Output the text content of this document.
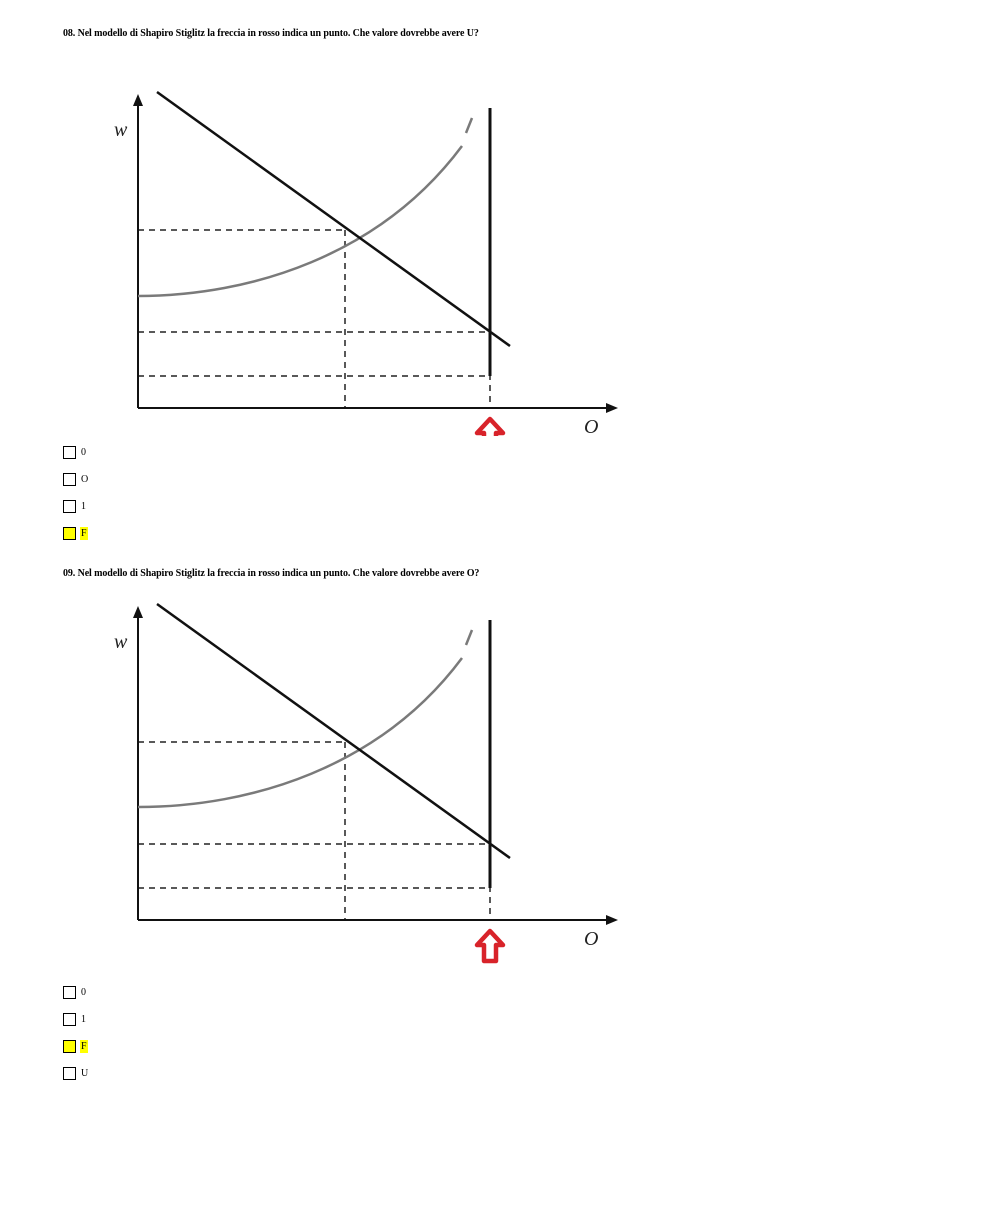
08. Nel modello di Shapiro Stiglitz la freccia in rosso indica un punto. Che valore dovrebbe avere U?

w
O
0
O
1
F

09. Nel modello di Shapiro Stiglitz la freccia in rosso indica un punto. Che valore dovrebbe avere O?

w
O
0
1
F
U
